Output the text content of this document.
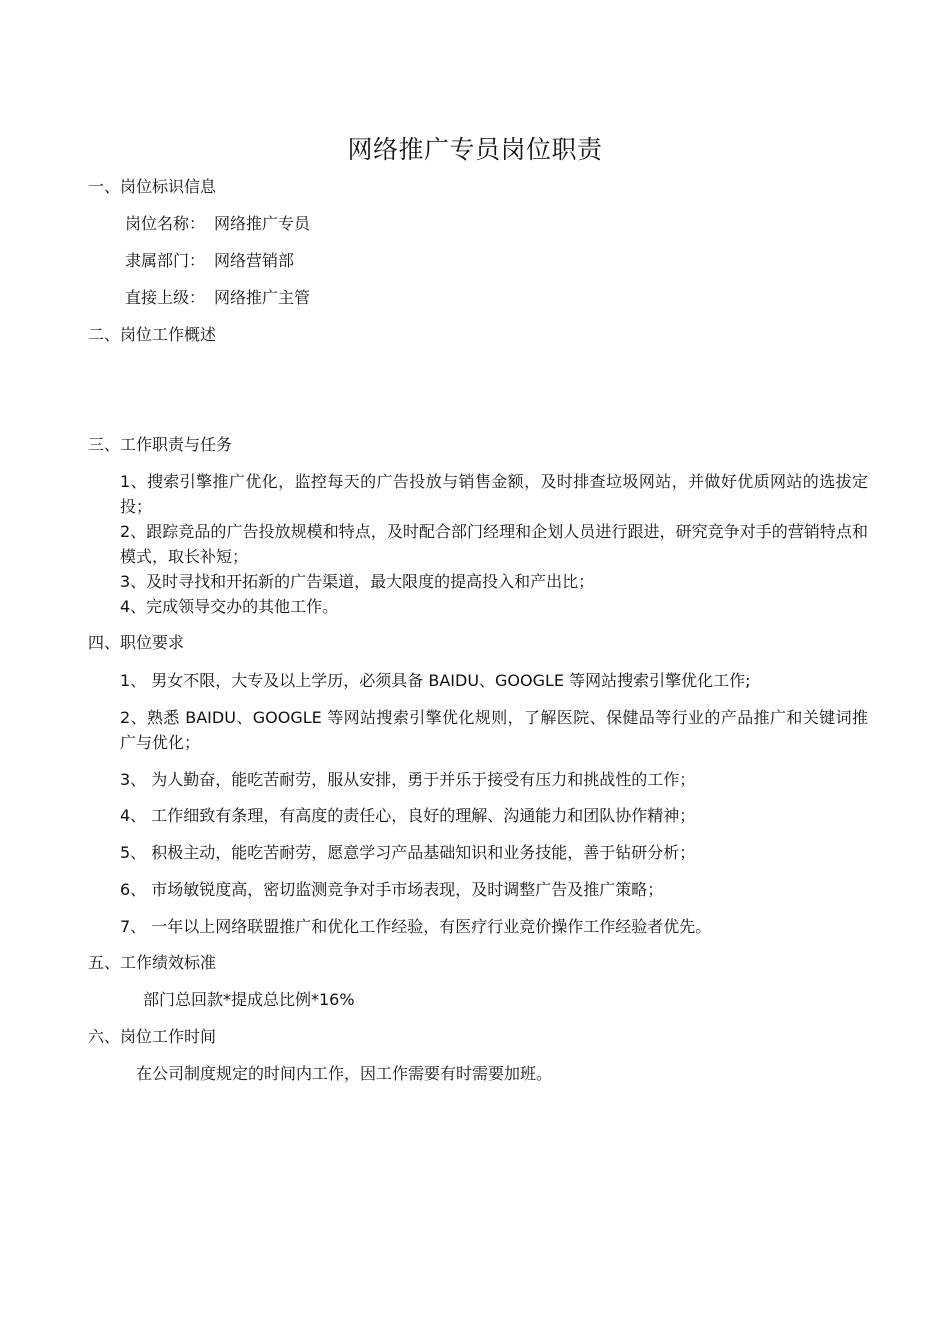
网络推广专员岗位职责
一、岗位标识信息
岗位名称： 网络推广专员
隶属部门： 网络营销部
直接上级： 网络推广主管
二、岗位工作概述
三、工作职责与任务
1、搜索引擎推广优化，监控每天的广告投放与销售金额，及时排查垃圾网站，并做好优质网站的选拔定投；
2、跟踪竞品的广告投放规模和特点，及时配合部门经理和企划人员进行跟进，研究竞争对手的营销特点和模式，取长补短；
3、及时寻找和开拓新的广告渠道，最大限度的提高投入和产出比；
4、完成领导交办的其他工作。
四、职位要求
1、 男女不限，大专及以上学历，必须具备 BAIDU、GOOGLE 等网站搜索引擎优化工作;
2、熟悉 BAIDU、GOOGLE 等网站搜索引擎优化规则，了解医院、保健品等行业的产品推广和关键词推广与优化；
3、 为人勤奋，能吃苦耐劳，服从安排，勇于并乐于接受有压力和挑战性的工作；
4、 工作细致有条理，有高度的责任心，良好的理解、沟通能力和团队协作精神；
5、 积极主动，能吃苦耐劳，愿意学习产品基础知识和业务技能，善于钻研分析；
6、 市场敏锐度高，密切监测竞争对手市场表现，及时调整广告及推广策略；
7、 一年以上网络联盟推广和优化工作经验，有医疗行业竞价操作工作经验者优先。
五、工作绩效标准
部门总回款*提成总比例*16%
六、岗位工作时间
在公司制度规定的时间内工作，因工作需要有时需要加班。
